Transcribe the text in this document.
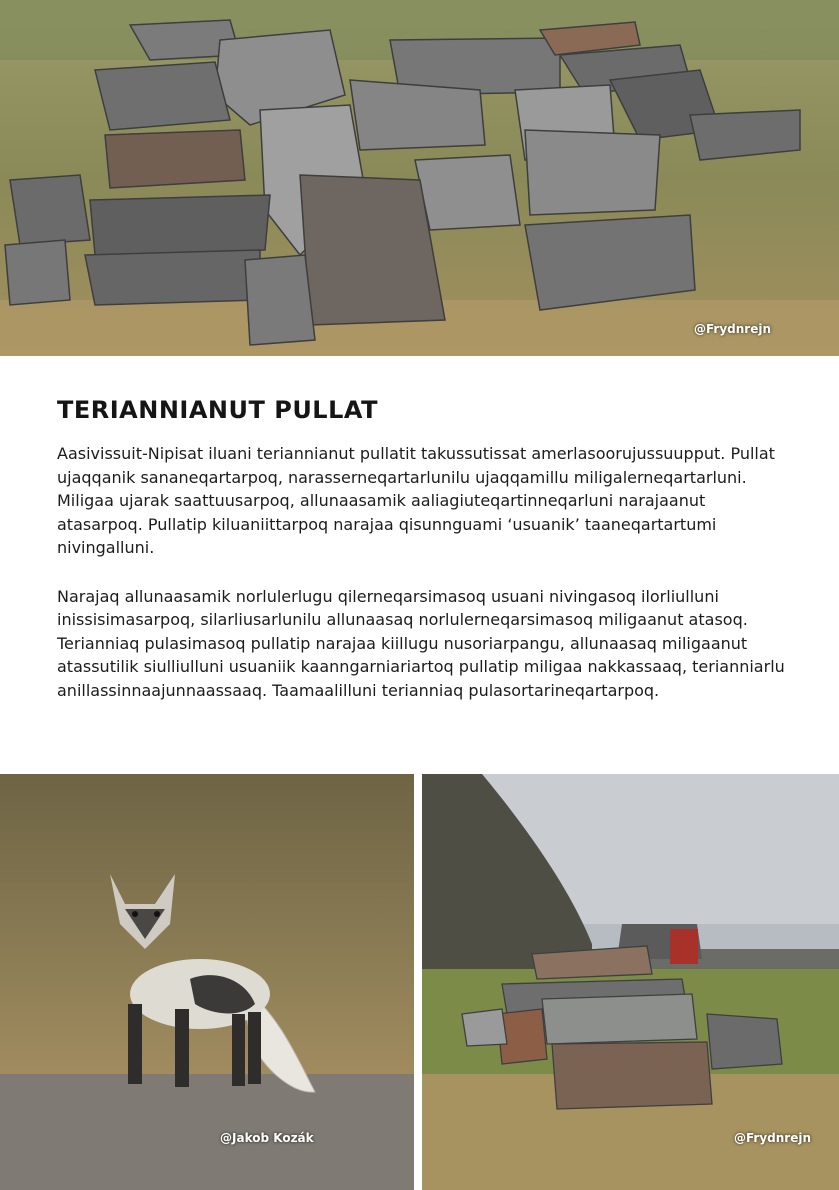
@Frydnrejn
TERIANNIANUT PULLAT

Aasivissuit-Nipisat iluani teriannianut pullatit takussutissat amerlasoorujussuupput. Pullat ujaqqanik sananeqartarpoq, narasserneqartarlunilu ujaqqamillu miligalerneqartarluni. Miligaa ujarak saattuusarpoq, allunaasamik aaliagiuteqartinneqarluni narajaanut atasarpoq. Pullatip kiluaniittarpoq narajaa qisunnguami ‘usuanik’ taaneqartartumi nivingalluni.

Narajaq allunaasamik norlulerlugu qilerneqarsimasoq usuani nivingasoq ilorliulluni inissisimasarpoq, silarliusarlunilu allunaasaq norlulerneqarsimasoq miligaanut atasoq. Terianniaq pulasimasoq pullatip narajaa kiillugu nusoriarpangu, allunaasaq miligaanut atassutilik siulliulluni usuaniik kaanngarniariartoq pullatip miligaa nakkassaaq, terianniarlu anillassinnaajunnaassaaq. Taamaalilluni terianniaq pulasortarineqartarpoq.

@Jakob Kozák	@Frydnrejn
